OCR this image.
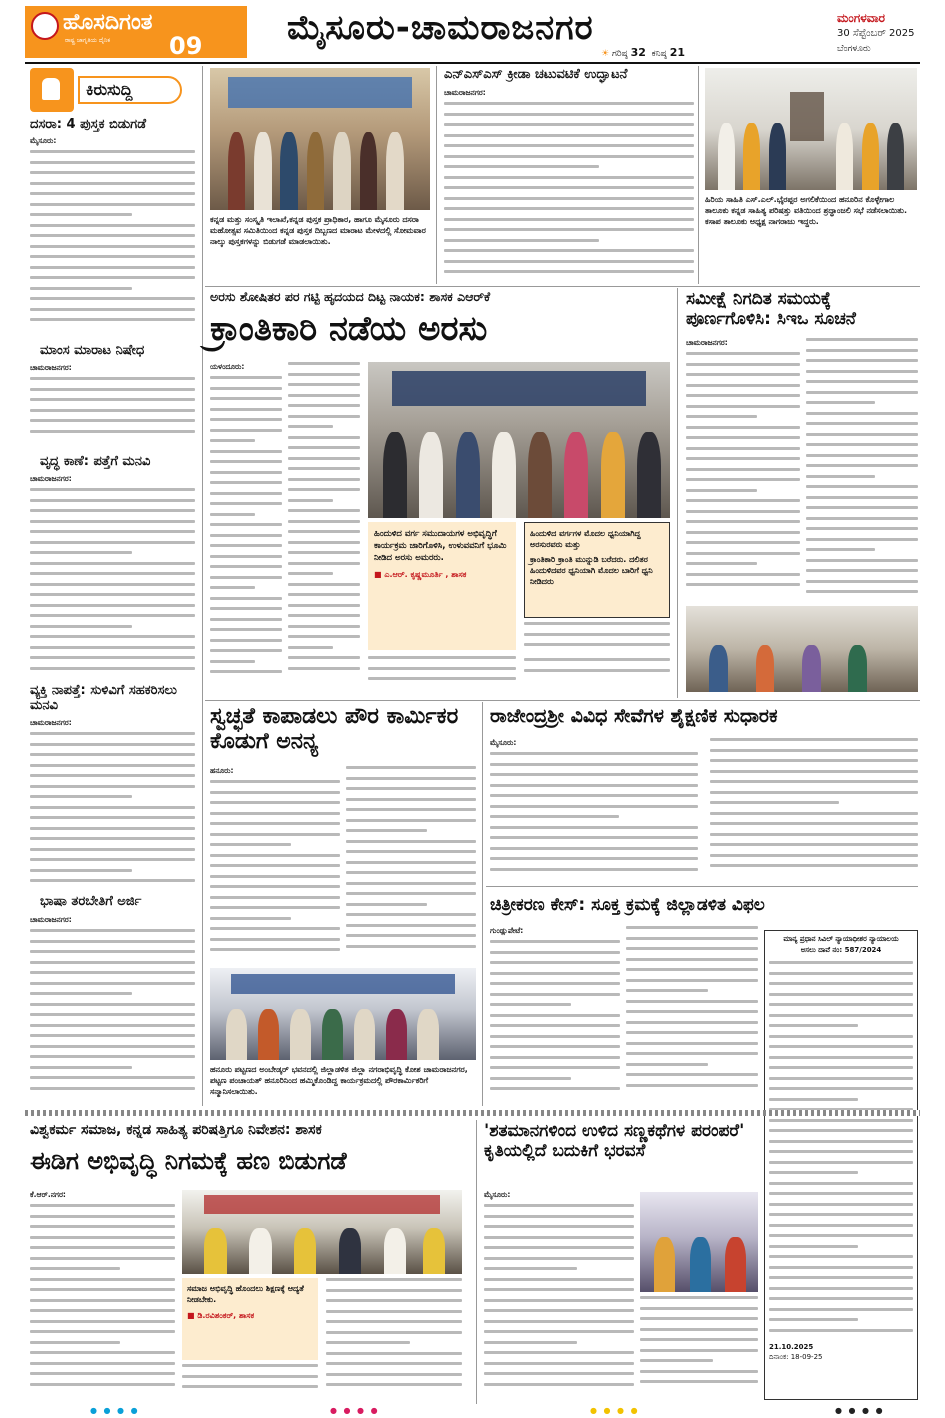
ಹೊಸದಿಗಂತ
ರಾಷ್ಟ್ರ ಜಾಗೃತಿಯ ದೈನಿಕ 09 ಮೈಸೂರು-ಚಾಮರಾಜನಗರ
☀ ಗರಿಷ್ಠ 32 ಕನಿಷ್ಠ 21
ಮಂಗಳವಾರ
30 ಸೆಪ್ಟೆಂಬರ್ 2025
ಬೆಂಗಳೂರು
ಕಿರುಸುದ್ದಿ
ದಸರಾ: 4 ಪುಸ್ತಕ ಬಿಡುಗಡೆ
ಮೈಸೂರು:
ಮಾಂಸ ಮಾರಾಟ ನಿಷೇಧ
ಚಾಮರಾಜನಗರ:
ವೃದ್ಧ ಕಾಣೆ: ಪತ್ತೆಗೆ ಮನವಿ
ಚಾಮರಾಜನಗರ:
ವ್ಯಕ್ತಿ ನಾಪತ್ತೆ: ಸುಳಿವಿಗೆ ಸಹಕರಿಸಲು ಮನವಿ
ಚಾಮರಾಜನಗರ:
ಭಾಷಾ ತರಬೇತಿಗೆ ಅರ್ಜಿ
ಚಾಮರಾಜನಗರ:
ಕನ್ನಡ ಮತ್ತು ಸಂಸ್ಕೃತಿ ಇಲಾಖೆ,ಕನ್ನಡ ಪುಸ್ತಕ ಪ್ರಾಧಿಕಾರ, ಹಾಗೂ ಮೈಸೂರು ದಸರಾ ಮಹೋತ್ಸವ ಸಮಿತಿಯಿಂದ ಕನ್ನಡ ಪುಸ್ತಕ ದಿಬ್ಬಣದ ಮಾರಾಟ ಮೇಳದಲ್ಲಿ ಸೋಮವಾರ ನಾಲ್ಕು ಪುಸ್ತಕಗಳನ್ನು ಬಿಡುಗಡೆ ಮಾಡಲಾಯಿತು.
ಎನ್ಎಸ್ಎಸ್ ಕ್ರೀಡಾ ಚಟುವಟಿಕೆ ಉದ್ಘಾಟನೆ
ಚಾಮರಾಜನಗರ:
ಹಿರಿಯ ಸಾಹಿತಿ ಎಸ್.ಎಲ್.ಭೈರಪ್ಪರ ಅಗಲಿಕೆಯಿಂದ ಹನೂರಿನ ಕೊಳ್ಳೇಗಾಲ ತಾಲೂಕು ಕನ್ನಡ ಸಾಹಿತ್ಯ ಪರಿಷತ್ತು ವತಿಯಿಂದ ಶ್ರದ್ಧಾಂಜಲಿ ಸಭೆ ನಡೆಸಲಾಯಿತು. ಕಸಾಪ ತಾಲೂಕು ಅಧ್ಯಕ್ಷ ನಾಗರಾಜು ಇದ್ದರು.
ಅರಸು ಶೋಷಿತರ ಪರ ಗಟ್ಟಿ ಹೃದಯದ ದಿಟ್ಟ ನಾಯಕ: ಶಾಸಕ ಎಆರ್‌ಕೆ
ಕ್ರಾಂತಿಕಾರಿ ನಡೆಯ ಅರಸು
ಯಳಂದೂರು:
ಹಿಂದುಳಿದ ವರ್ಗ ಸಮುದಾಯಗಳ ಅಭಿವೃದ್ಧಿಗೆ ಕಾರ್ಯಕ್ರಮ ಜಾರಿಗೊಳಿಸಿ, ಉಳುವವನಿಗೆ ಭೂಮಿ ನೀಡಿದ ಅರಸು ಅಮರರು.
■ ಎ.ಆರ್. ಕೃಷ್ಣಮೂರ್ತಿ , ಶಾಸಕ
ಹಿಂದುಳಿದ ವರ್ಗಗಳ ಮೊದಲ ಧ್ವನಿಯಾಗಿದ್ದ ಅರಸುರವರು ಮತ್ತು
ಕ್ರಾಂತಿಕಾರಿ ಕ್ರಾಂತಿ ಮುನ್ನುಡಿ ಬರೆದರು. ದಲಿತರ ಹಿಂದುಳಿದವರ ಧ್ವನಿಯಾಗಿ ಮೊದಲ ಬಾರಿಗೆ ಧ್ವನಿ ನೀಡಿದರು
ಸಮೀಕ್ಷೆ ನಿಗದಿತ ಸಮಯಕ್ಕೆ ಪೂರ್ಣಗೊಳಿಸಿ: ಸಿಇಒ ಸೂಚನೆ
ಚಾಮರಾಜನಗರ:
ಸ್ವಚ್ಛತೆ ಕಾಪಾಡಲು ಪೌರ ಕಾರ್ಮಿಕರ ಕೊಡುಗೆ ಅನನ್ಯ
ಹನೂರು:
ಹನೂರು ಪಟ್ಟಣದ ಅಂಬೇಡ್ಕರ್ ಭವನದಲ್ಲಿ ಜಿಲ್ಲಾಡಳಿತ ಜಿಲ್ಲಾ ನಗರಾಭಿವೃದ್ಧಿ ಕೋಶ ಚಾಮರಾಜನಗರ, ಪಟ್ಟಣ ಪಂಚಾಯತ್ ಹನೂರಿನಿಂದ ಹಮ್ಮಿಕೊಂಡಿದ್ದ ಕಾರ್ಯಕ್ರಮದಲ್ಲಿ ಪೌರಕಾರ್ಮಿಕರಿಗೆ ಸನ್ಮಾನಿಸಲಾಯಿತು.
ರಾಜೇಂದ್ರಶ್ರೀ ವಿವಿಧ ಸೇವೆಗಳ ಶೈಕ್ಷಣಿಕ ಸುಧಾರಕ
ಮೈಸೂರು:
ಚಿತ್ರೀಕರಣ ಕೇಸ್: ಸೂಕ್ತ ಕ್ರಮಕ್ಕೆ ಜಿಲ್ಲಾಡಳಿತ ವಿಫಲ
ಗುಂಡ್ಲುಪೇಟೆ:
ಮಾನ್ಯ ಪ್ರಧಾನ ಸಿವಿಲ್ ನ್ಯಾಯಾಧೀಶರ ನ್ಯಾಯಾಲಯ
ಅಸಲು ದಾವೆ ನಂ: 587/2024
21.10.2025
ದಿನಾಂಕ: 18-09-25
ವಿಶ್ವಕರ್ಮ ಸಮಾಜ, ಕನ್ನಡ ಸಾಹಿತ್ಯ ಪರಿಷತ್ತಿಗೂ ನಿವೇಶನ: ಶಾಸಕ
ಈಡಿಗ ಅಭಿವೃದ್ಧಿ ನಿಗಮಕ್ಕೆ ಹಣ ಬಿಡುಗಡೆ
ಕೆ.ಆರ್.ನಗರ:
ಸಮಾಜ ಅಭಿವೃದ್ಧಿ ಹೊಂದಲು ಶಿಕ್ಷಣಕ್ಕೆ ಆದ್ಯತೆ ನೀಡಬೇಕು.
■ ಡಿ.ರವಿಶಂಕರ್, ಶಾಸಕ
'ಶತಮಾನಗಳಿಂದ ಉಳಿದ ಸಣ್ಣಕಥೆಗಳ ಪರಂಪರೆ' ಕೃತಿಯಲ್ಲಿದೆ ಬದುಕಿಗೆ ಭರವಸೆ
ಮೈಸೂರು:
● ● ● ●	● ● ● ●	● ● ● ●	● ● ● ●
